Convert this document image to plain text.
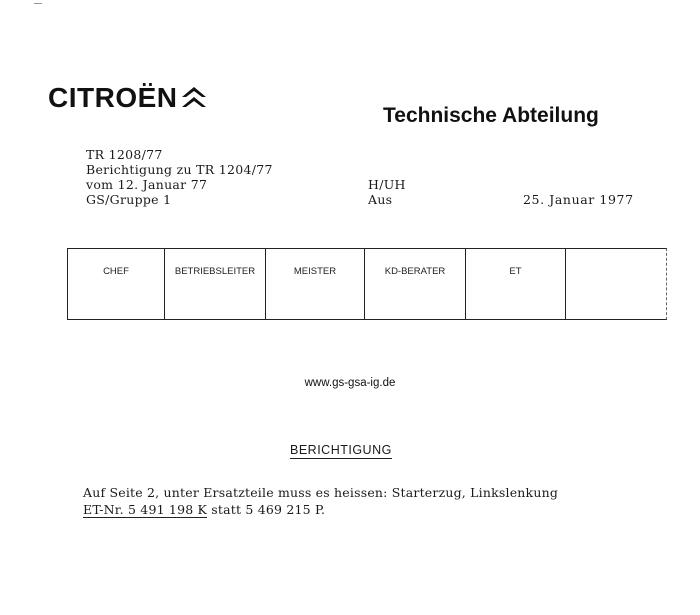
CITROËN
Technische Abteilung
TR 1208/77
Berichtigung zu TR 1204/77
vom 12. Januar 77
GS/Gruppe 1
H/UH
Aus	25. Januar 1977
CHEF	BETRIEBSLEITER	MEISTER	KD-BERATER	ET
www.gs-gsa-ig.de
BERICHTIGUNG
Auf Seite 2, unter Ersatzteile muss es heissen: Starterzug, Linkslenkung
ET-Nr. 5 491 198 K statt 5 469 215 P.
